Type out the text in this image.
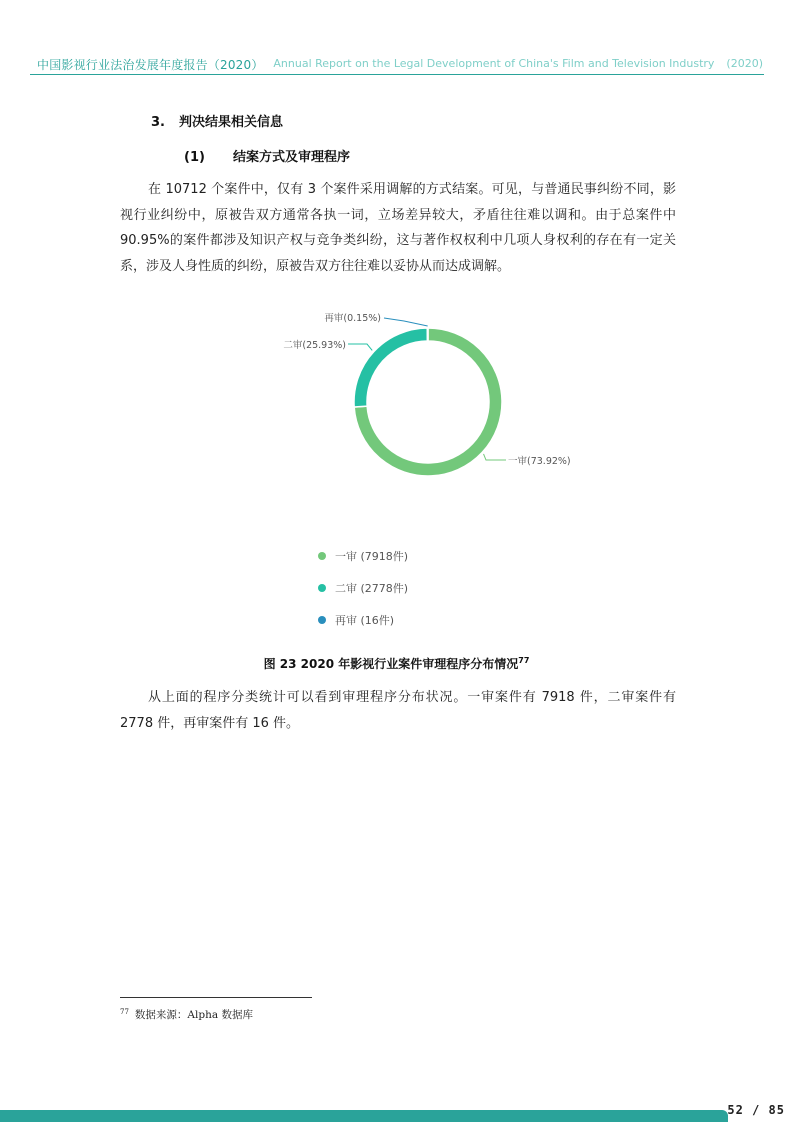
中国影视行业法治发展年度报告（2020） Annual Report on the Legal Development of China's Film and Television Industry (2020)
3. 判决结果相关信息
(1) 结案方式及审理程序
在 10712 个案件中，仅有 3 个案件采用调解的方式结案。可见，与普通民事纠纷不同，影视行业纠纷中，原被告双方通常各执一词，立场差异较大，矛盾往往难以调和。由于总案件中 90.95%的案件都涉及知识产权与竞争类纠纷，这与著作权权利中几项人身权利的存在有一定关系，涉及人身性质的纠纷，原被告双方往往难以妥协从而达成调解。
一审(73.92%)
二审(25.93%)
再审(0.15%)
一审 (7918件)
二审 (2778件)
再审 (16件)
图 23 2020 年影视行业案件审理程序分布情况$^{77}$
从上面的程序分类统计可以看到审理程序分布状况。一审案件有 7918 件，二审案件有 2778 件，再审案件有 16 件。
$^{77}$ 数据来源：Alpha 数据库
52 / 85
